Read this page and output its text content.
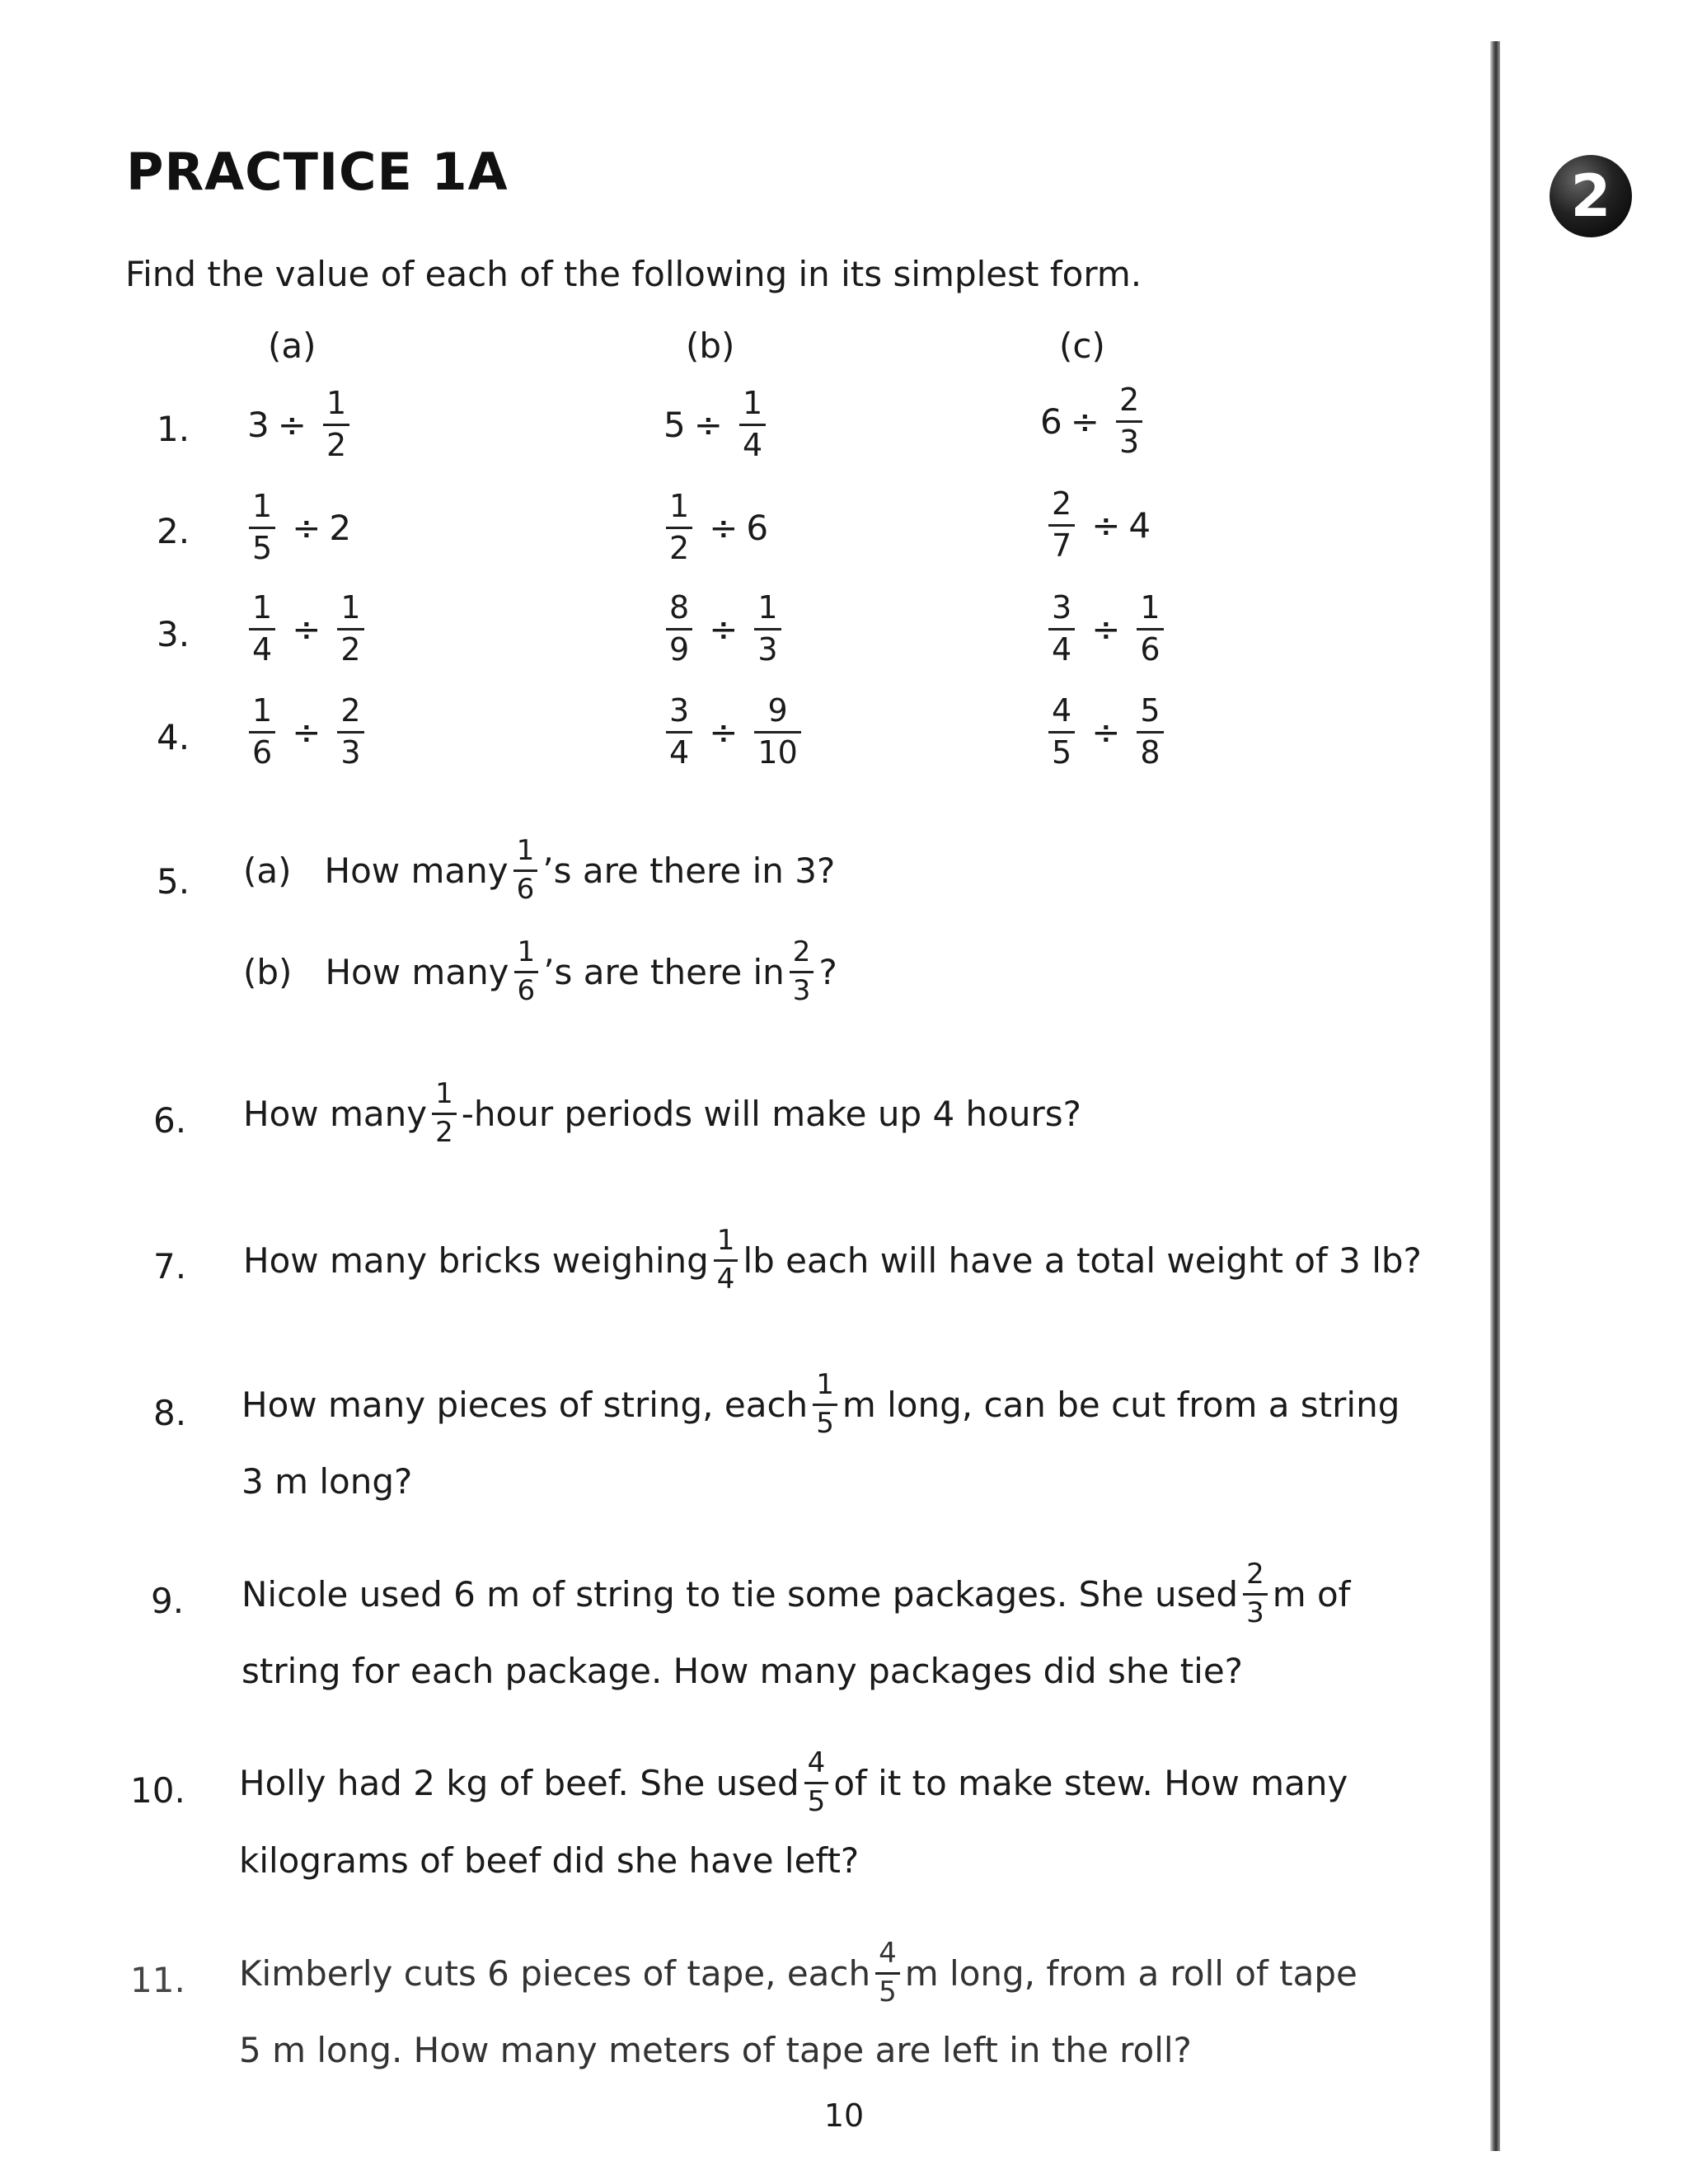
PRACTICE 1A	2
Find the value of each of the following in its simplest form.
(a)	(b)	(c)
1. $3 \div \frac{1}{2}$	$5 \div \frac{1}{4}$	$6 \div \frac{2}{3}$
2. $\frac{1}{5} \div 2$	$\frac{1}{2} \div 6$	$\frac{2}{7} \div 4$
3. $\frac{1}{4} \div \frac{1}{2}$	$\frac{8}{9} \div \frac{1}{3}$	$\frac{3}{4} \div \frac{1}{6}$
4. $\frac{1}{6} \div \frac{2}{3}$	$\frac{3}{4} \div \frac{9}{10}$	$\frac{4}{5} \div \frac{5}{8}$
5. (a) How many $\frac{1}{6}$ ’s are there in 3?
(b) How many $\frac{1}{6}$ ’s are there in $\frac{2}{3}$ ?
6. How many $\frac{1}{2}$ -hour periods will make up 4 hours?
7. How many bricks weighing $\frac{1}{4}$ lb each will have a total weight of 3 lb?
8. How many pieces of string, each $\frac{1}{5}$ m long, can be cut from a string
3 m long?
9. Nicole used 6 m of string to tie some packages. She used $\frac{2}{3}$ m of
string for each package. How many packages did she tie?
10. Holly had 2 kg of beef. She used $\frac{4}{5}$ of it to make stew. How many
kilograms of beef did she have left?
11. Kimberly cuts 6 pieces of tape, each $\frac{4}{5}$ m long, from a roll of tape
5 m long. How many meters of tape are left in the roll?
10
